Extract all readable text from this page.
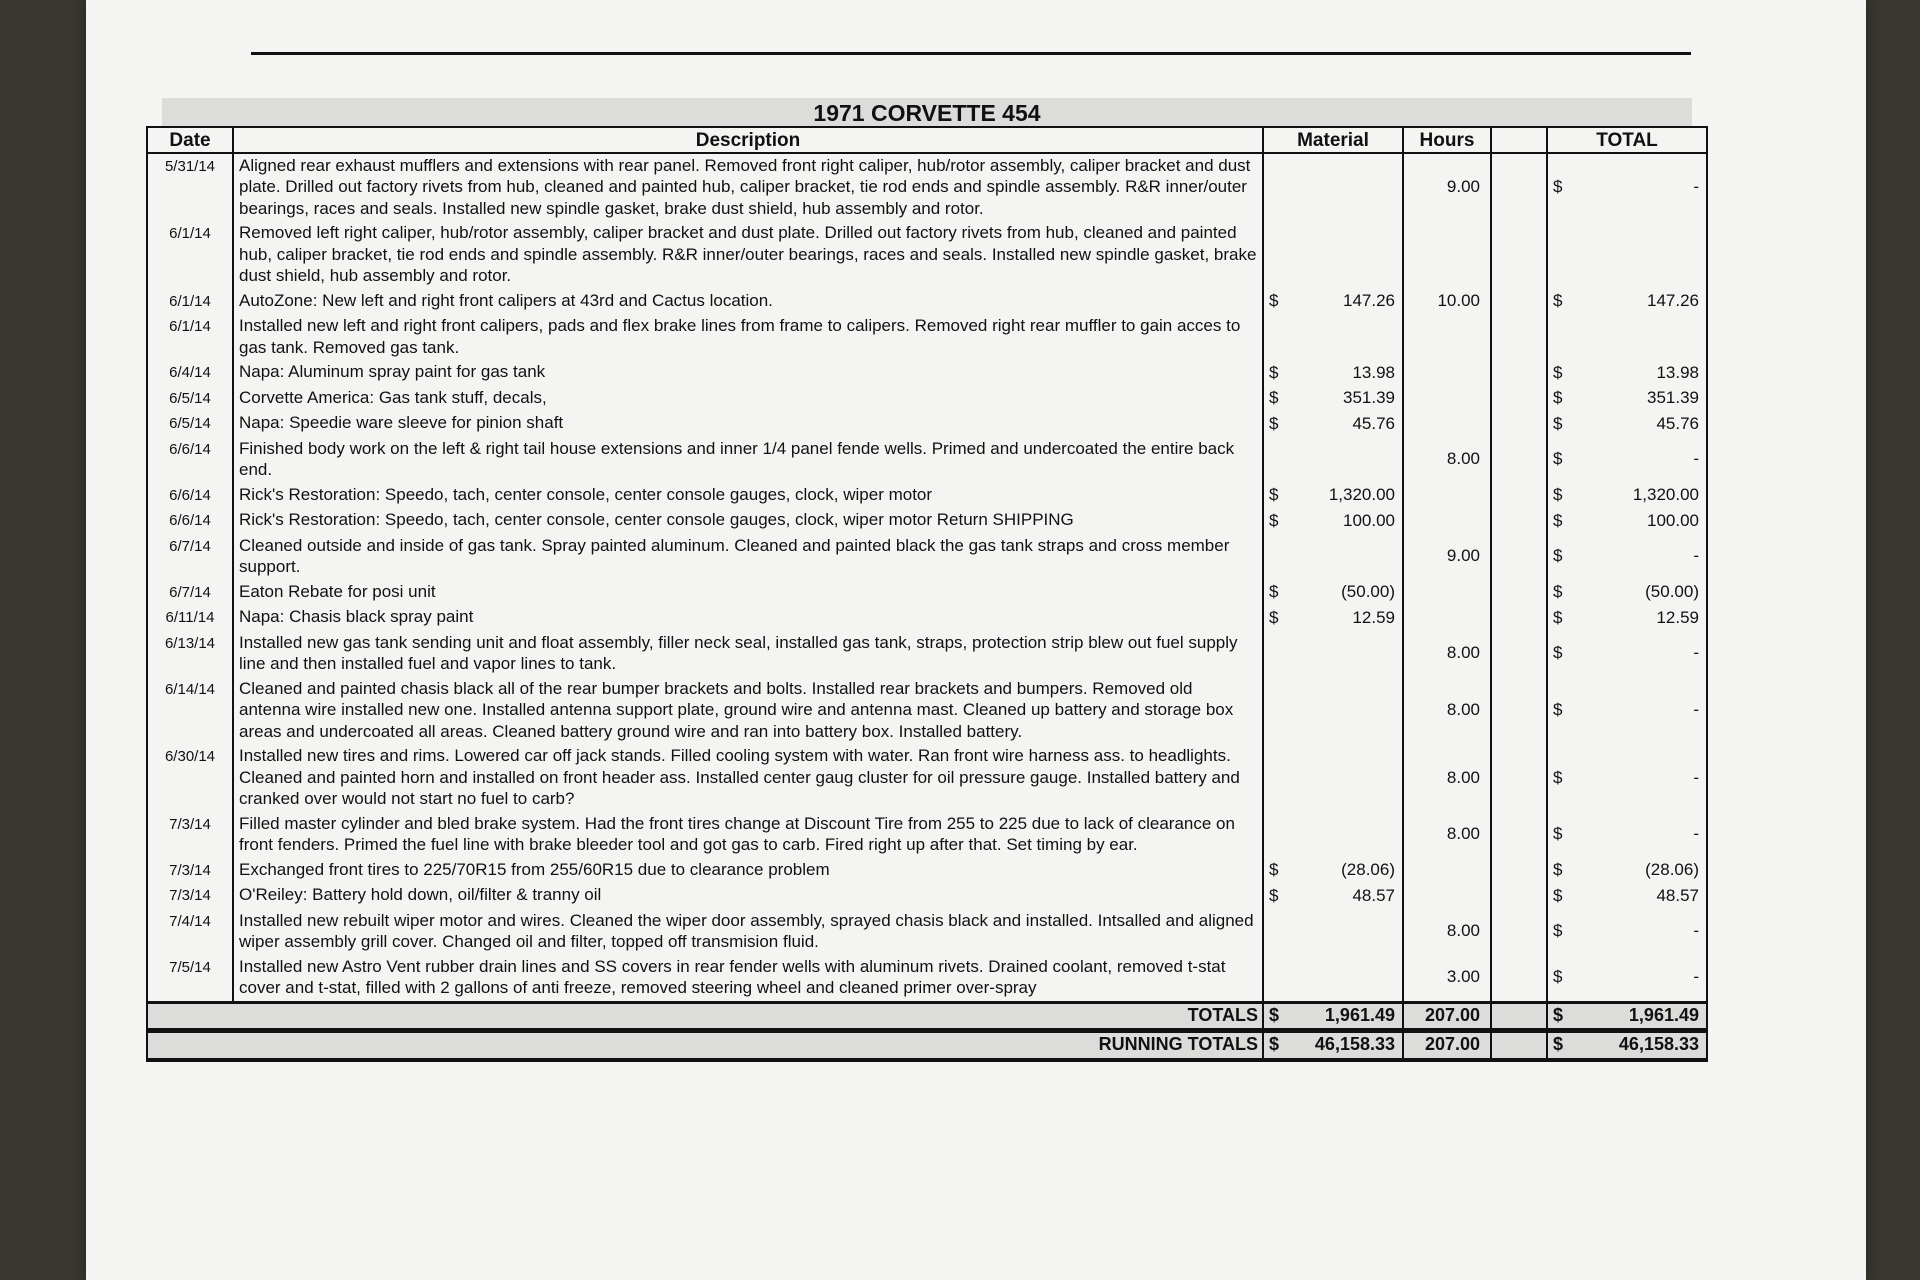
1971 CORVETTE 454
Date	Description	Material	Hours		TOTAL
5/31/14	Aligned rear exhaust mufflers and extensions with rear panel. Removed front right caliper, hub/rotor assembly, caliper bracket and dust plate. Drilled out factory rivets from hub, cleaned and painted hub, caliper bracket, tie rod ends and spindle assembly. R&R inner/outer bearings, races and seals. Installed new spindle gasket, brake dust shield, hub assembly and rotor.		9.00		$ -

6/1/14	Removed left right caliper, hub/rotor assembly, caliper bracket and dust plate. Drilled out factory rivets from hub, cleaned and painted hub, caliper bracket, tie rod ends and spindle assembly. R&R inner/outer bearings, races and seals. Installed new spindle gasket, brake dust shield, hub assembly and rotor.	

6/1/14	AutoZone: New left and right front calipers at 43rd and Cactus location.	$ 147.26	10.00		$ 147.26

6/1/14	Installed new left and right front calipers, pads and flex brake lines from frame to calipers. Removed right rear muffler to gain acces to gas tank. Removed gas tank.	

6/4/14	Napa: Aluminum spray paint for gas tank	$ 13.98			$ 13.98

6/5/14	Corvette America: Gas tank stuff, decals,	$ 351.39			$ 351.39

6/5/14	Napa: Speedie ware sleeve for pinion shaft	$ 45.76			$ 45.76

6/6/14	Finished body work on the left & right tail house extensions and inner 1/4 panel fende wells. Primed and undercoated the entire back end.		8.00		$ -

6/6/14	Rick's Restoration: Speedo, tach, center console, center console gauges, clock, wiper motor	$ 1,320.00			$ 1,320.00

6/6/14	Rick's Restoration: Speedo, tach, center console, center console gauges, clock, wiper motor Return SHIPPING	$ 100.00			$ 100.00

6/7/14	Cleaned outside and inside of gas tank. Spray painted aluminum. Cleaned and painted black the gas tank straps and cross member support.		9.00		$ -

6/7/14	Eaton Rebate for posi unit	$ (50.00)			$ (50.00)

6/11/14	Napa: Chasis black spray paint	$ 12.59			$ 12.59

6/13/14	Installed new gas tank sending unit and float assembly, filler neck seal, installed gas tank, straps, protection strip blew out fuel supply line and then installed fuel and vapor lines to tank.		8.00		$ -

6/14/14	Cleaned and painted chasis black all of the rear bumper brackets and bolts. Installed rear brackets and bumpers. Removed old antenna wire installed new one. Installed antenna support plate, ground wire and antenna mast. Cleaned up battery and storage box areas and undercoated all areas. Cleaned battery ground wire and ran into battery box. Installed battery.		8.00		$ -

6/30/14	Installed new tires and rims. Lowered car off jack stands. Filled cooling system with water. Ran front wire harness ass. to headlights. Cleaned and painted horn and installed on front header ass. Installed center gaug cluster for oil pressure gauge. Installed battery and cranked over would not start no fuel to carb?		8.00		$ -

7/3/14	Filled master cylinder and bled brake system. Had the front tires change at Discount Tire from 255 to 225 due to lack of clearance on front fenders. Primed the fuel line with brake bleeder tool and got gas to carb. Fired right up after that. Set timing by ear.		8.00		$ -

7/3/14	Exchanged front tires to 225/70R15 from 255/60R15 due to clearance problem	$ (28.06)			$ (28.06)

7/3/14	O'Reiley: Battery hold down, oil/filter & tranny oil	$ 48.57			$ 48.57

7/4/14	Installed new rebuilt wiper motor and wires. Cleaned the wiper door assembly, sprayed chasis black and installed. Intsalled and aligned wiper assembly grill cover. Changed oil and filter, topped off transmision fluid.		8.00		$ -

7/5/14	Installed new Astro Vent rubber drain lines and SS covers in rear fender wells with aluminum rivets. Drained coolant, removed t-stat cover and t-stat, filled with 2 gallons of anti freeze, removed steering wheel and cleaned primer over-spray		3.00		$ -

TOTALS		$ 1,961.49	207.00		$ 1,961.49

RUNNING TOTALS		$ 46,158.33	207.00		$ 46,158.33
